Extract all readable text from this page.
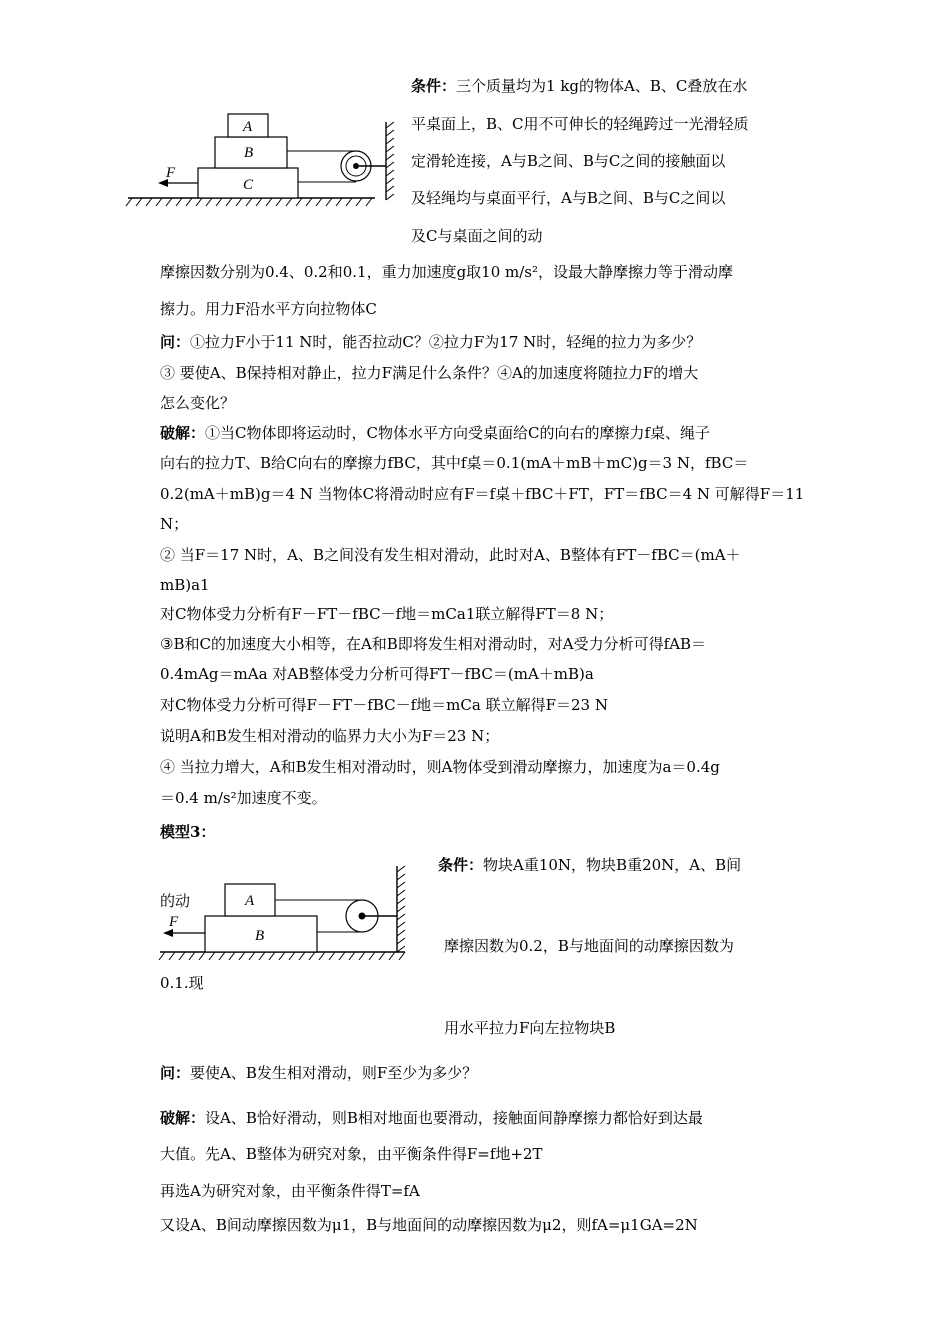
A
B
C
F
条件：三个质量均为1 kg的物体A、B、C叠放在水
平桌面上，B、C用不可伸长的轻绳跨过一光滑轻质
定滑轮连接，A与B之间、B与C之间的接触面以
及轻绳均与桌面平行，A与B之间、B与C之间以
及C与桌面之间的动
摩擦因数分别为0.4、0.2和0.1，重力加速度g取10 m/s²，设最大静摩擦力等于滑动摩
擦力。用力F沿水平方向拉物体C
问：①拉力F小于11 N时，能否拉动C？②拉力F为17 N时，轻绳的拉力为多少？
③ 要使A、B保持相对静止，拉力F满足什么条件？④A的加速度将随拉力F的增大
怎么变化？
破解：①当C物体即将运动时，C物体水平方向受桌面给C的向右的摩擦力f桌、绳子
向右的拉力T、B给C向右的摩擦力fBC，其中f桌＝0.1(mA＋mB＋mC)g＝3 N，fBC＝
0.2(mA＋mB)g＝4 N 当物体C将滑动时应有F＝f桌＋fBC＋FT，FT＝fBC＝4 N 可解得F＝11
N；
② 当F＝17 N时，A、B之间没有发生相对滑动，此时对A、B整体有FT－fBC＝(mA＋
mB)a1
对C物体受力分析有F－FT－fBC－f地＝mCa1联立解得FT＝8 N；
③B和C的加速度大小相等，在A和B即将发生相对滑动时，对A受力分析可得fAB＝
0.4mAg＝mAa 对AB整体受力分析可得FT－fBC＝(mA＋mB)a
对C物体受力分析可得F－FT－fBC－f地＝mCa 联立解得F＝23 N
说明A和B发生相对滑动的临界力大小为F＝23 N；
④ 当拉力增大，A和B发生相对滑动时，则A物体受到滑动摩擦力，加速度为a＝0.4g
＝0.4 m/s²加速度不变。
模型3：
A
B
F
的动
条件：物块A重10N，物块B重20N，A、B间
摩擦因数为0.2，B与地面间的动摩擦因数为
0.1.现
用水平拉力F向左拉物块B
问：要使A、B发生相对滑动，则F至少为多少？
破解：设A、B恰好滑动，则B相对地面也要滑动，接触面间静摩擦力都恰好到达最
大值。先A、B整体为研究对象，由平衡条件得F=f地+2T
再选A为研究对象，由平衡条件得T=fA
又设A、B间动摩擦因数为μ1，B与地面间的动摩擦因数为μ2，则fA=μ1GA=2N
